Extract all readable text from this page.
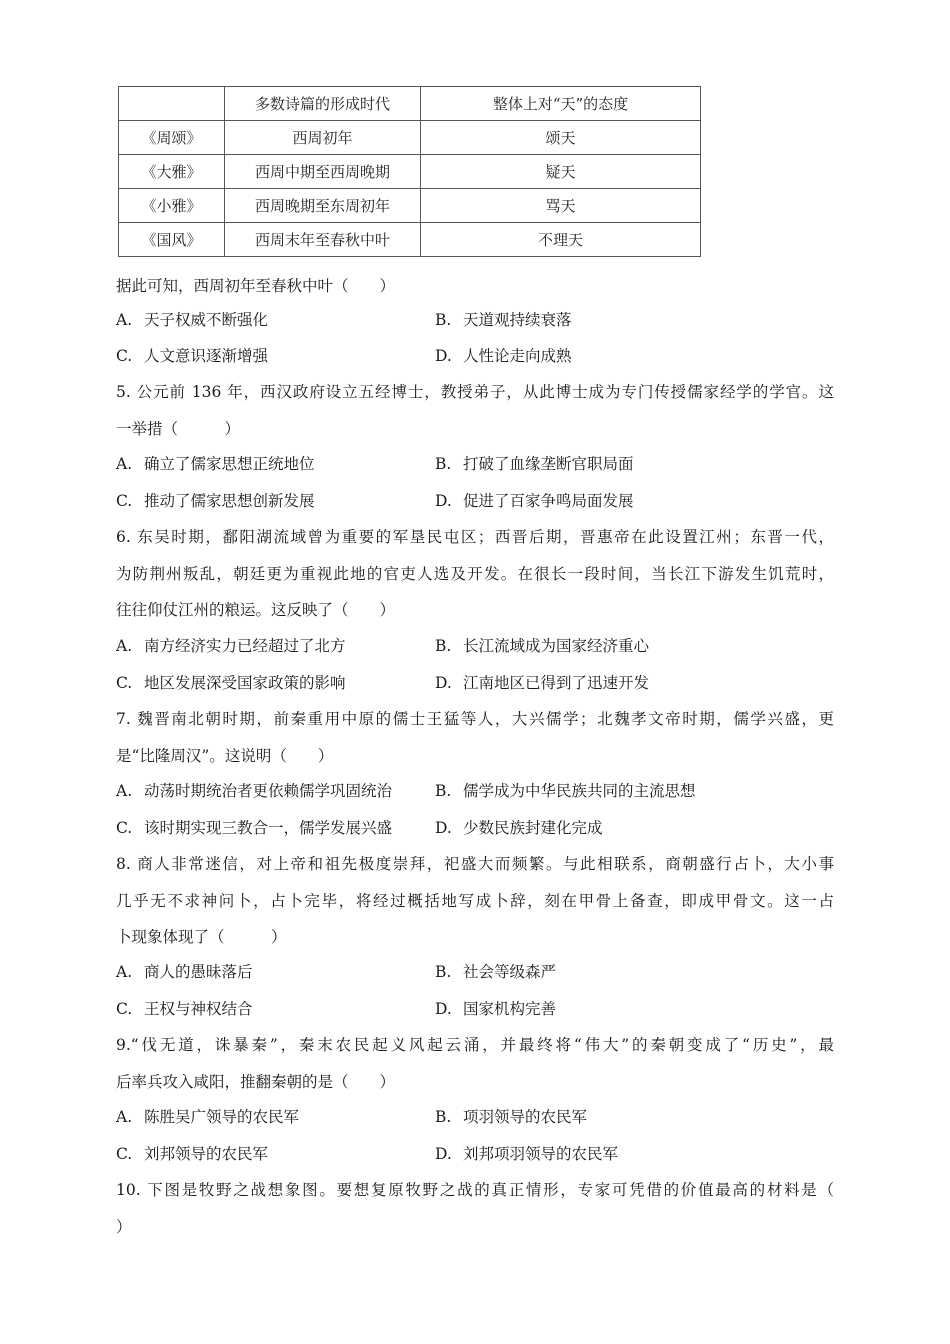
	多数诗篇的形成时代	整体上对“天”的态度
《周颂》	西周初年	颂天
《大雅》	西周中期至西周晚期	疑天
《小雅》	西周晚期至东周初年	骂天
《国风》	西周末年至春秋中叶	不理天
据此可知，西周初年至春秋中叶（　　）
A. 天子权威不断强化	B. 天道观持续衰落
C. 人文意识逐渐增强	D. 人性论走向成熟
5. 公元前 136 年，西汉政府设立五经博士，教授弟子，从此博士成为专门传授儒家经学的学官。这
一举措（　　　）
A. 确立了儒家思想正统地位	B. 打破了血缘垄断官职局面
C. 推动了儒家思想创新发展	D. 促进了百家争鸣局面发展
6. 东吴时期，鄱阳湖流域曾为重要的军垦民屯区；西晋后期，晋惠帝在此设置江州；东晋一代，
为防荆州叛乱，朝廷更为重视此地的官吏人选及开发。在很长一段时间，当长江下游发生饥荒时，
往往仰仗江州的粮运。这反映了（　　）
A. 南方经济实力已经超过了北方	B. 长江流域成为国家经济重心
C. 地区发展深受国家政策的影响	D. 江南地区已得到了迅速开发
7. 魏晋南北朝时期，前秦重用中原的儒士王猛等人，大兴儒学；北魏孝文帝时期，儒学兴盛，更
是“比隆周汉”。这说明（　　）
A. 动荡时期统治者更依赖儒学巩固统治	B. 儒学成为中华民族共同的主流思想
C. 该时期实现三教合一，儒学发展兴盛	D. 少数民族封建化完成
8. 商人非常迷信，对上帝和祖先极度崇拜，祀盛大而频繁。与此相联系，商朝盛行占卜，大小事
几乎无不求神问卜，占卜完毕，将经过概括地写成卜辞，刻在甲骨上备查，即成甲骨文。这一占
卜现象体现了（　　　）
A. 商人的愚昧落后	B. 社会等级森严
C. 王权与神权结合	D. 国家机构完善
9.“伐无道，诛暴秦”，秦末农民起义风起云涌，并最终将“伟大”的秦朝变成了“历史”，最
后率兵攻入咸阳，推翻秦朝的是（　　）
A. 陈胜吴广领导的农民军	B. 项羽领导的农民军
C. 刘邦领导的农民军	D. 刘邦项羽领导的农民军
10. 下图是牧野之战想象图。要想复原牧野之战的真正情形，专家可凭借的价值最高的材料是（
）
